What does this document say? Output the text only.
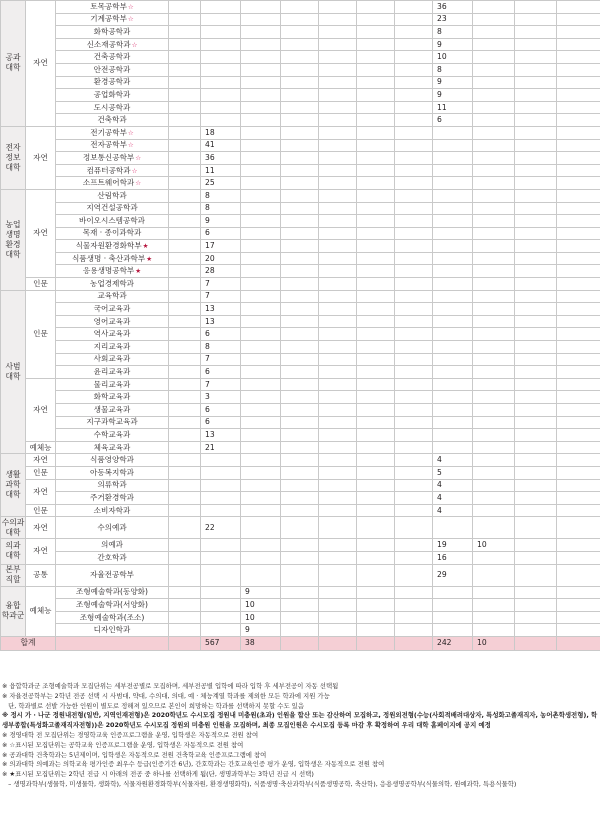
공과
대학	자연	토목공학부☆								36			
		기계공학부☆								23			
		화학공학과								8			
		신소재공학과☆								9			
		건축공학과								10			
		안전공학과								8			
		환경공학과								9			
		공업화학과								9			
		도시공학과								11			
		건축학과								6			
전자
정보
대학	자연	전기공학부☆		18									
		전자공학부☆		41									
		정보통신공학부☆		36									
		컴퓨터공학과☆		11									
		소프트웨어학과☆		25									
농업
생명
환경
대학	자연	산림학과		8									
		지역건설공학과		8									
		바이오시스템공학과		9									
		목재 · 종이과학과		6									
		식물자원환경화학부★		17									
		식품생명 · 축산과학부★		20									
		응용생명공학부★		28									
	인문	농업경제학과		7									
사범
대학	인문	교육학과		7									
		국어교육과		13									
		영어교육과		13									
		역사교육과		6									
		지리교육과		8									
		사회교육과		7									
		윤리교육과		6									
	자연	물리교육과		7									
		화학교육과		3									
		생물교육과		6									
		지구과학교육과		6									
		수학교육과		13									
	예체능	체육교육과		21									
생활
과학
대학	자연	식품영양학과								4			
	인문	아동복지학과								5			
	자연	의류학과								4			
		주거환경학과								4			
	인문	소비자학과								4			
수의과
대학	자연	수의예과		22									
의과
대학	자연	의예과								19	10		
		간호학과								16			
본부
직할	공통	자율전공학부								29			
융합
학과군	예체능	조형예술학과(동양화)			9								
		조형예술학과(서양화)			10								
		조형예술학과(조소)			10								
		디자인학과			9								
합계				567	38					242	10		

※ 융합학과군 조형예술학과 모집단위는 세부전공별로 모집하며, 세부전공별 입학에 따라 입학 후 세부전공이 자동 선택됨

※ 자율전공학부는 2학년 전공 선택 시 사범대, 약대, 수의대, 의대, 예 · 체능계열 학과를 제외한 모든 학과에 지원 가능

단, 학과별로 선발 가능한 인원이 별도로 정해져 있으므로 본인이 희망하는 학과를 선택하지 못할 수도 있음

※ 정시 가 · 나군 정원내전형(일반, 지역인재전형)은 2020학년도 수시모집 정원내 미충원(초과) 인원을 합산 또는 감산하여 모집하고, 정원외전형(수능(사회적배려대상자, 특성화고졸재직자, 농어촌학생전형), 학생부종합(특성화고졸재직자전형))은 2020학년도 수시모집 정원외 미충원 인원을 모집하며, 최종 모집인원은 수시모집 등록 마감 후 확정하여 우리 대학 홈페이지에 공지 예정

※ 경영대학 전 모집단위는 경영학교육 인증프로그램을 운영, 입학생은 자동적으로 전원 참여

※ ☆표시된 모집단위는 공학교육 인증프로그램을 운영, 입학생은 자동적으로 전원 참여

※ 공과대학 건축학과는 5년제이며, 입학생은 자동적으로 전원 건축학교육 인증프로그램에 참여

※ 의과대학 의예과는 의학교육 평가인증 최우수 등급(인증기간 6년), 간호학과는 간호교육인증 평가 운영, 입학생은 자동적으로 전원 참여

※ ★표시된 모집단위는 2학년 진급 시 아래의 전공 중 하나를 선택하게 됨(단, 생명과학부는 3학년 진급 시 선택)

– 생명과학부(생물학, 미생물학, 생화학), 식물자원환경화학부(식물자원, 환경생명화학), 식품생명·축산과학부(식품생명공학, 축산학), 응용생명공학부(식물의학, 원예과학, 특용식물학)
